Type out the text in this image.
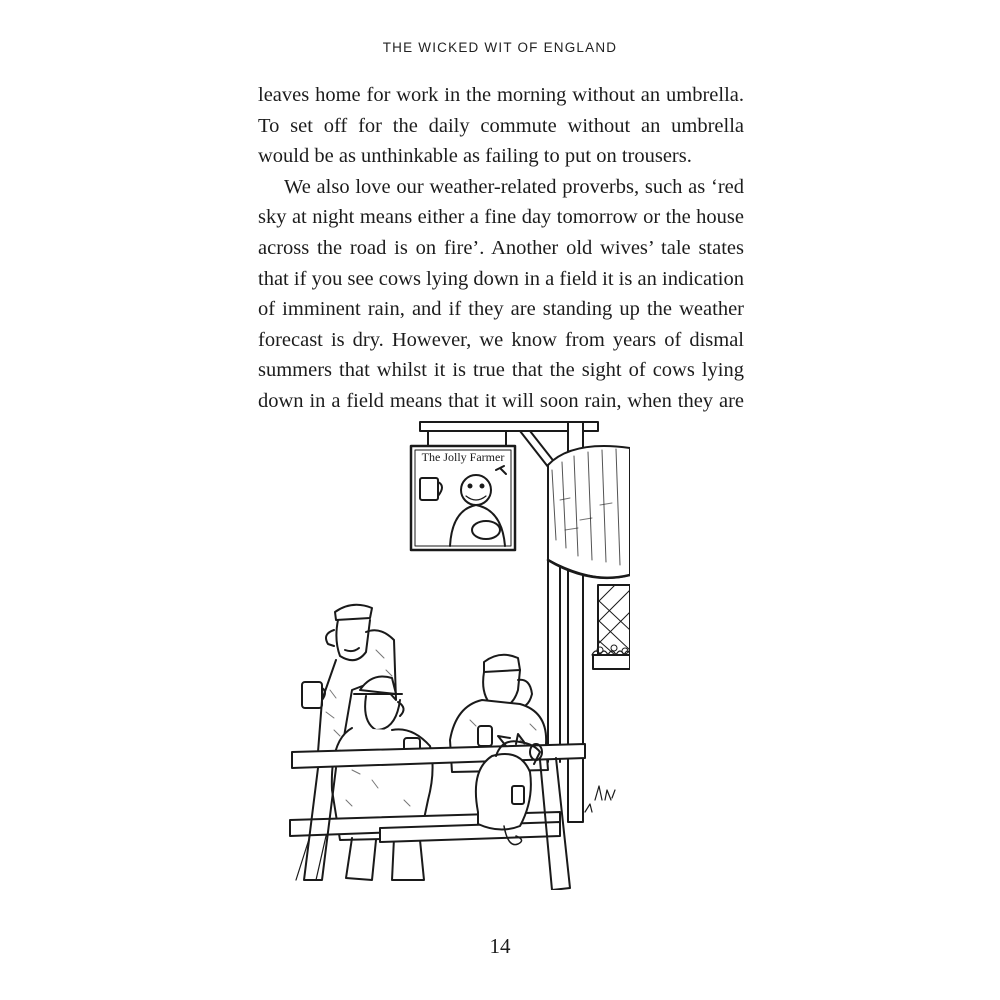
THE WICKED WIT OF ENGLAND
leaves home for work in the morning without an umbrella.
To set off for the daily commute without an umbrella
would be as unthinkable as failing to put on trousers.
We also love our weather-related proverbs, such as ‘red
sky at night means either a fine day tomorrow or the house
across the road is on fire’. Another old wives’ tale states
that if you see cows lying down in a field it is an indication
of imminent rain, and if they are standing up the weather
forecast is dry. However, we know from years of dismal
summers that whilst it is true that the sight of cows lying
down in a field means that it will soon rain, when they are
The Jolly Farmer
14
